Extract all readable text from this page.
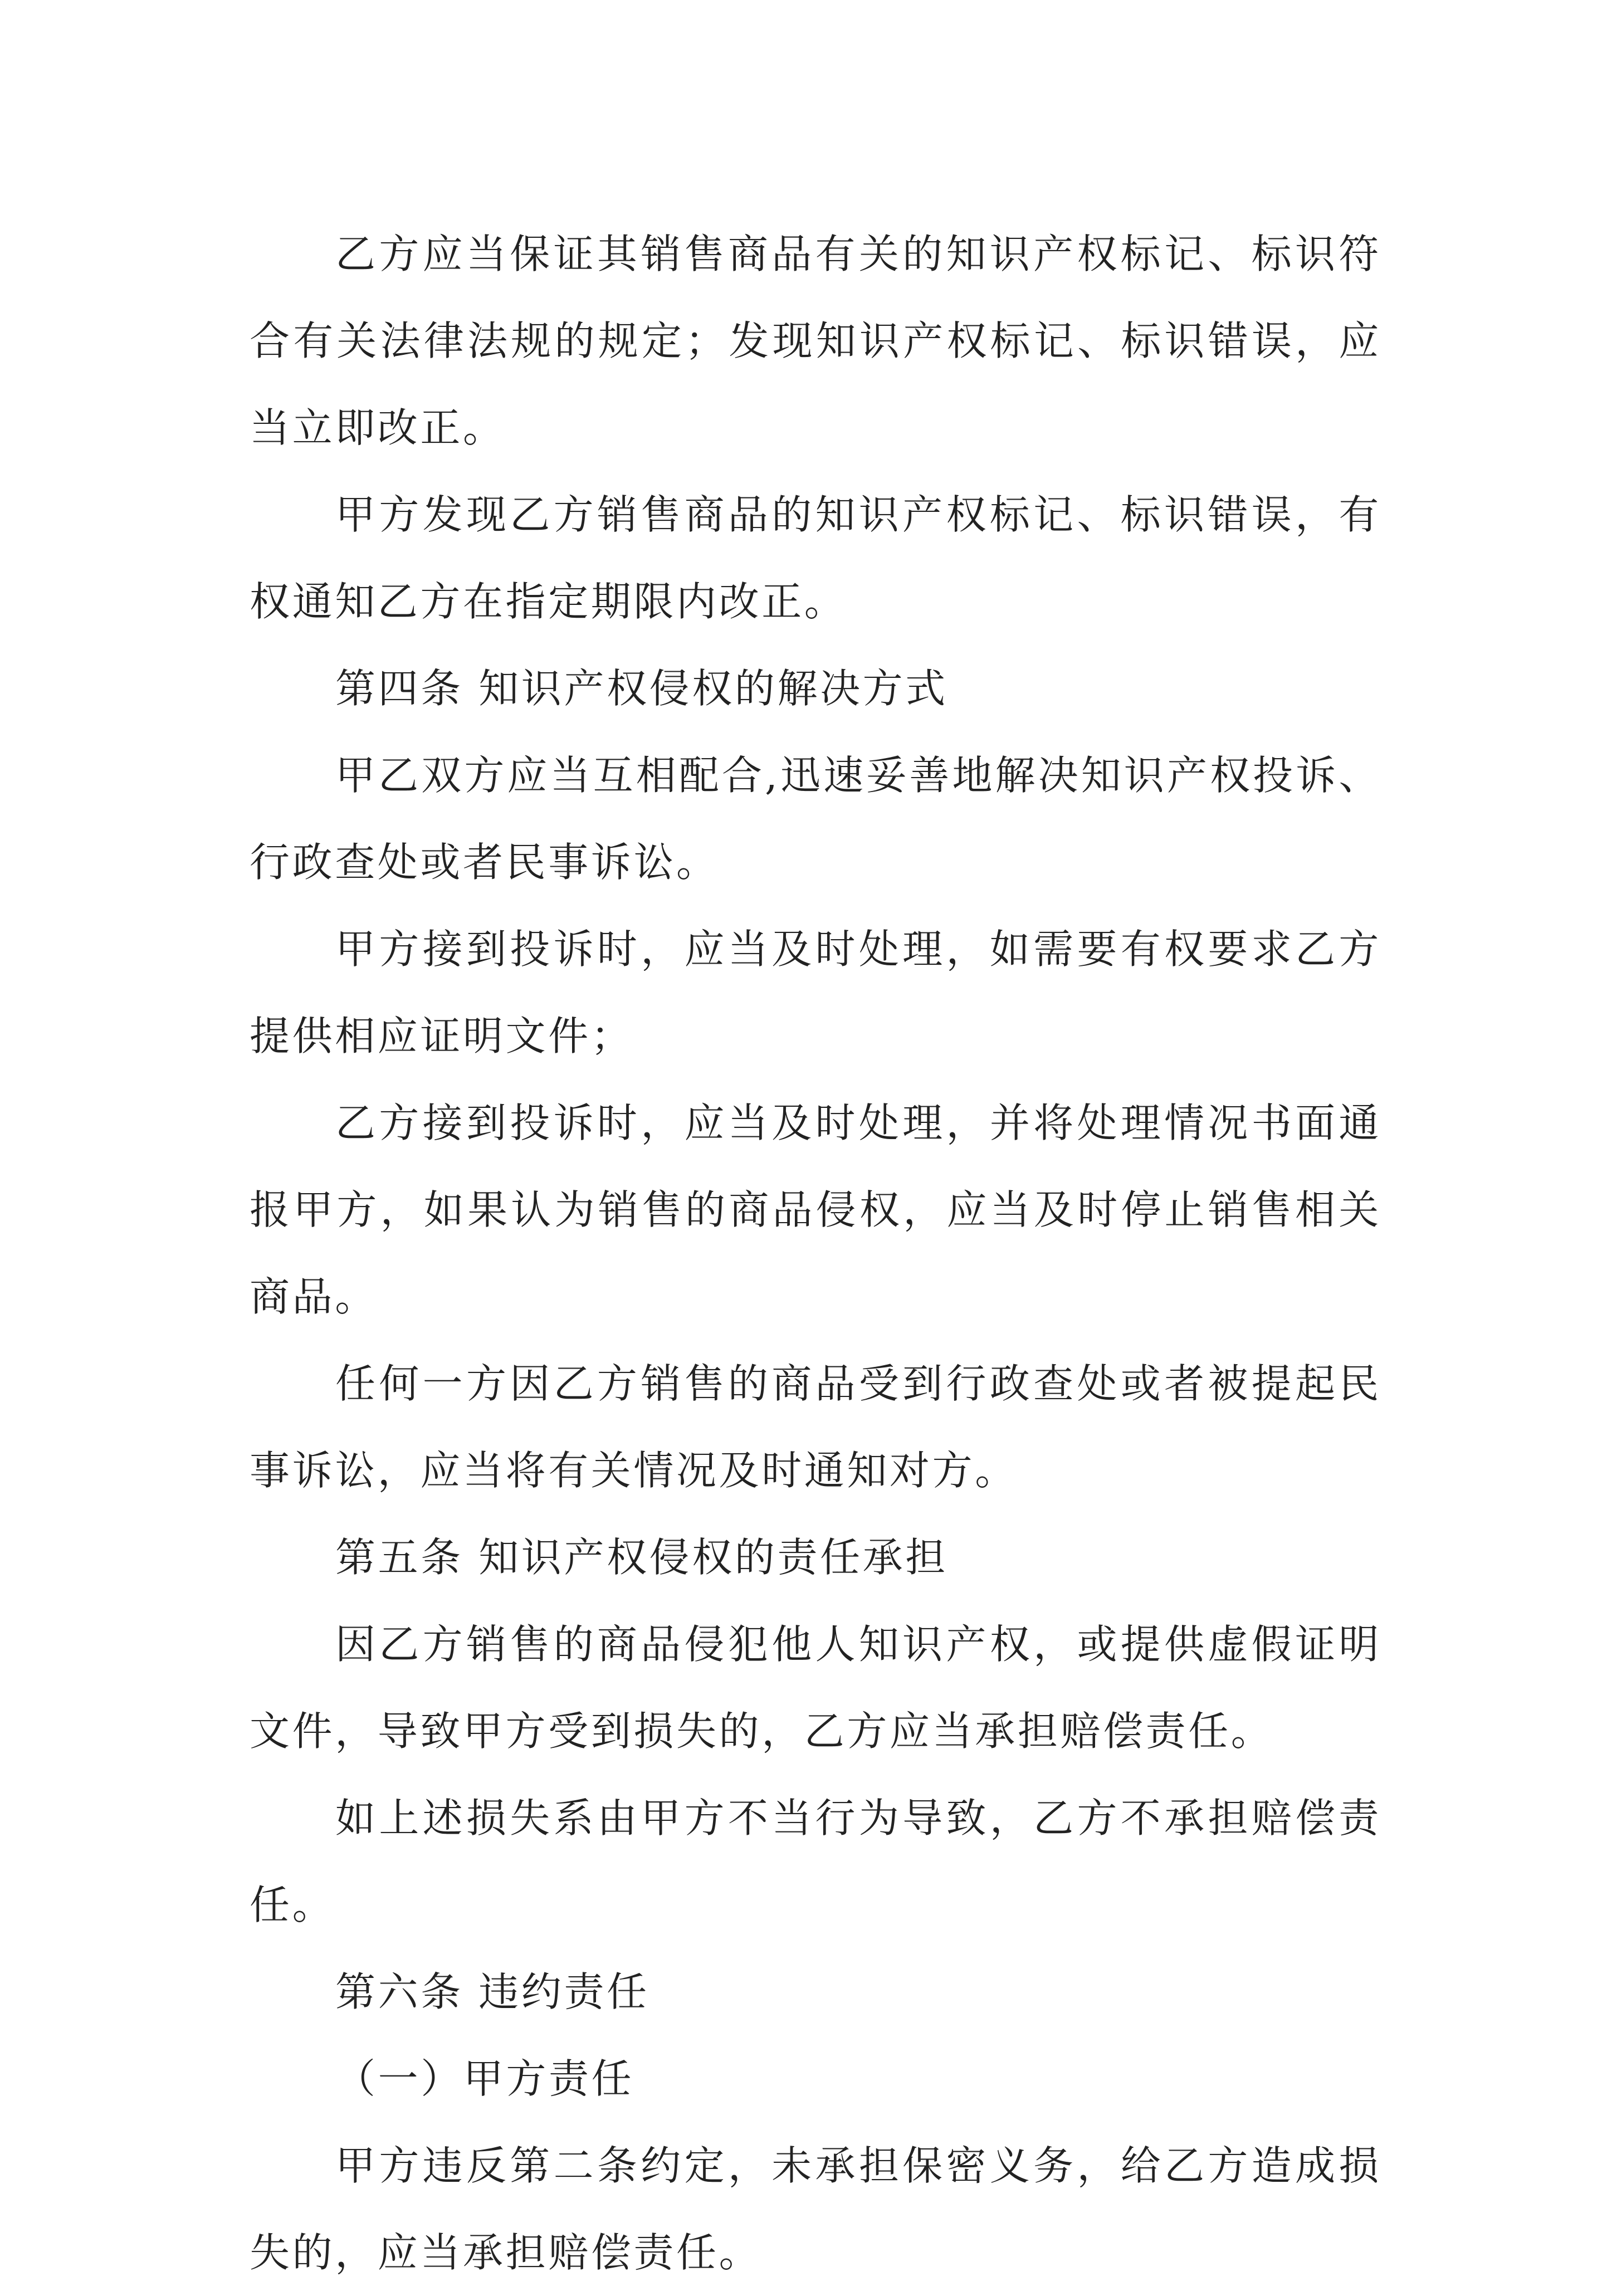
乙方应当保证其销售商品有关的知识产权标记、标识符合有关法律法规的规定；发现知识产权标记、标识错误，应当立即改正。

甲方发现乙方销售商品的知识产权标记、标识错误，有权通知乙方在指定期限内改正。

第四条 知识产权侵权的解决方式

甲乙双方应当互相配合,迅速妥善地解决知识产权投诉、行政查处或者民事诉讼。

甲方接到投诉时，应当及时处理，如需要有权要求乙方提供相应证明文件；

乙方接到投诉时，应当及时处理，并将处理情况书面通报甲方，如果认为销售的商品侵权，应当及时停止销售相关商品。

任何一方因乙方销售的商品受到行政查处或者被提起民事诉讼，应当将有关情况及时通知对方。

第五条 知识产权侵权的责任承担

因乙方销售的商品侵犯他人知识产权，或提供虚假证明文件，导致甲方受到损失的，乙方应当承担赔偿责任。

如上述损失系由甲方不当行为导致，乙方不承担赔偿责任。

第六条 违约责任

（一）甲方责任

甲方违反第二条约定，未承担保密义务，给乙方造成损失的，应当承担赔偿责任。
